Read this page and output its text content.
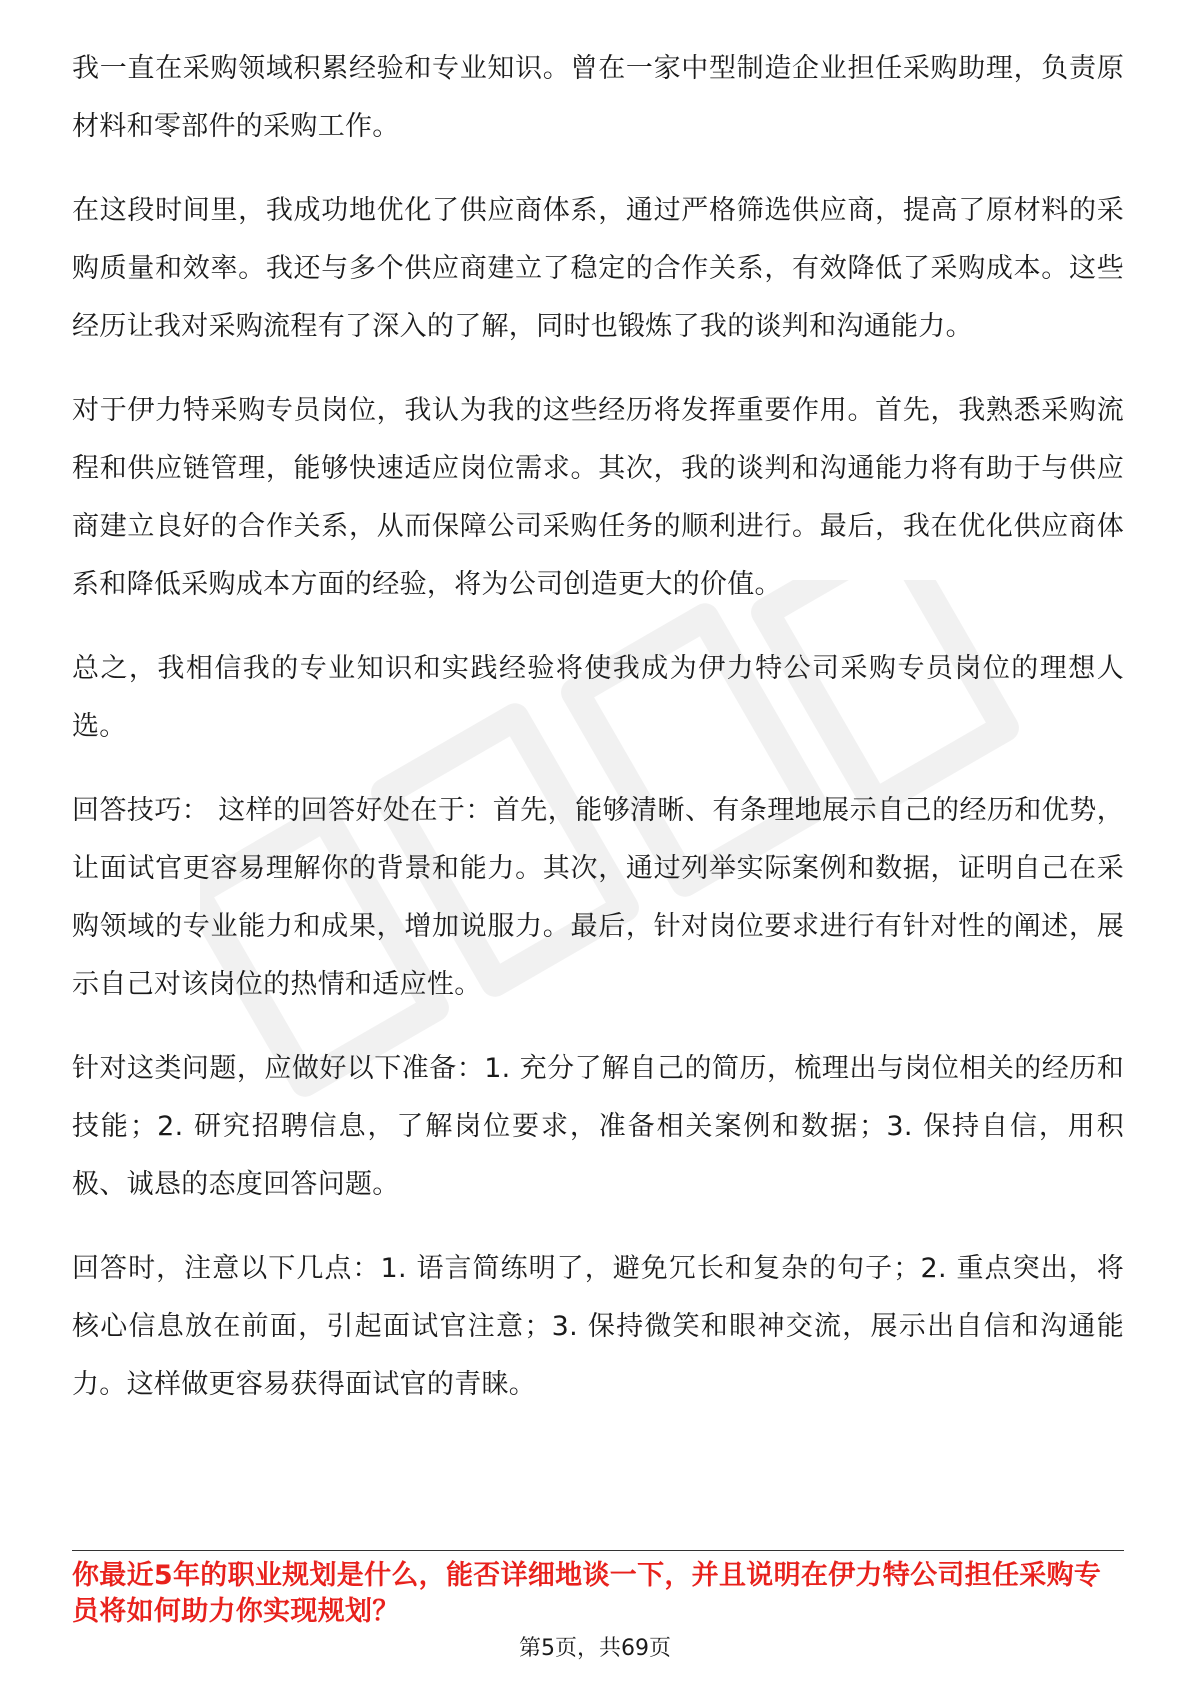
我一直在采购领域积累经验和专业知识。曾在一家中型制造企业担任采购助理，负责原材料和零部件的采购工作。

在这段时间里，我成功地优化了供应商体系，通过严格筛选供应商，提高了原材料的采购质量和效率。我还与多个供应商建立了稳定的合作关系，有效降低了采购成本。这些经历让我对采购流程有了深入的了解，同时也锻炼了我的谈判和沟通能力。

对于伊力特采购专员岗位，我认为我的这些经历将发挥重要作用。首先，我熟悉采购流程和供应链管理，能够快速适应岗位需求。其次，我的谈判和沟通能力将有助于与供应商建立良好的合作关系，从而保障公司采购任务的顺利进行。最后，我在优化供应商体系和降低采购成本方面的经验，将为公司创造更大的价值。

总之，我相信我的专业知识和实践经验将使我成为伊力特公司采购专员岗位的理想人选。

回答技巧： 这样的回答好处在于：首先，能够清晰、有条理地展示自己的经历和优势，让面试官更容易理解你的背景和能力。其次，通过列举实际案例和数据，证明自己在采购领域的专业能力和成果，增加说服力。最后，针对岗位要求进行有针对性的阐述，展示自己对该岗位的热情和适应性。

针对这类问题，应做好以下准备：1. 充分了解自己的简历，梳理出与岗位相关的经历和技能；2. 研究招聘信息，了解岗位要求，准备相关案例和数据；3. 保持自信，用积极、诚恳的态度回答问题。

回答时，注意以下几点：1. 语言简练明了，避免冗长和复杂的句子；2. 重点突出，将核心信息放在前面，引起面试官注意；3. 保持微笑和眼神交流，展示出自信和沟通能力。这样做更容易获得面试官的青睐。

你最近5年的职业规划是什么，能否详细地谈一下，并且说明在伊力特公司担任采购专员将如何助力你实现规划？

第5页，共69页
